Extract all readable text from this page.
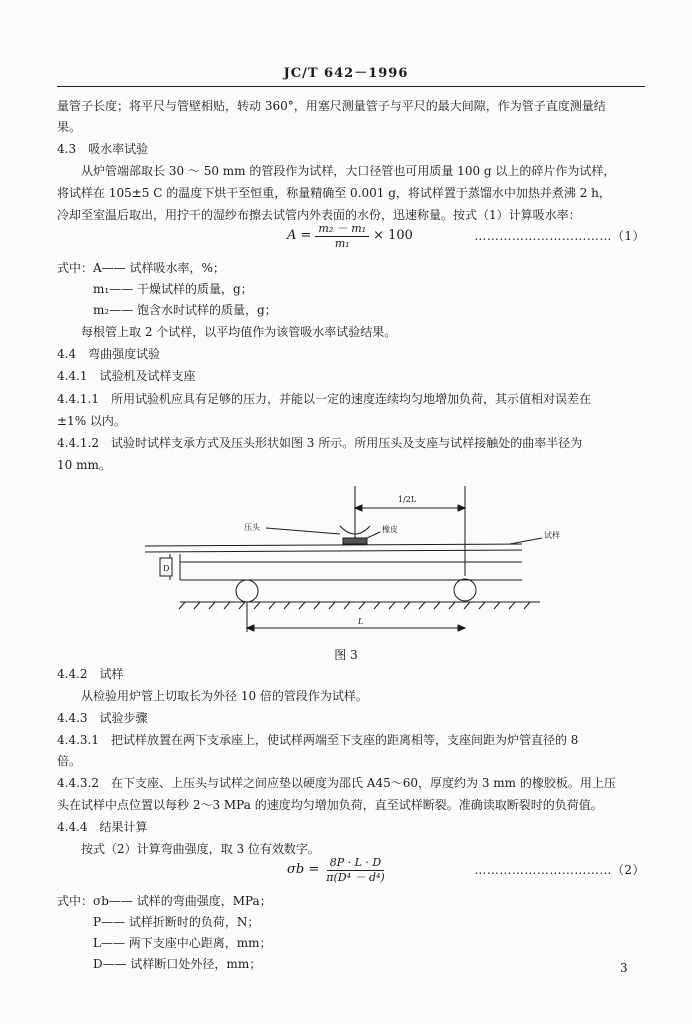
JC/T 642－1996
量管子长度；将平尺与管壁相贴，转动 360°，用塞尺测量管子与平尺的最大间隙，作为管子直度测量结
果。
4.3　吸水率试验
从炉管端部取长 30 ～ 50 mm 的管段作为试样，大口径管也可用质量 100 g 以上的碎片作为试样，
将试样在 105±5 C 的温度下烘干至恒重，称量精确至 0.001 g，将试样置于蒸馏水中加热并煮沸 2 h，
冷却至室温后取出，用拧干的湿纱布擦去试管内外表面的水份，迅速称量。按式（1）计算吸水率：
$A = \frac{\text{m₂ － m₁}}{\text{m₁}} \times 100$	……………………………（1）
式中：A—— 试样吸水率，%；
m₁—— 干燥试样的质量，g；
m₂—— 饱含水时试样的质量，g；
每根管上取 2 个试样，以平均值作为该管吸水率试验结果。
4.4　弯曲强度试验
4.4.1　试验机及试样支座
4.4.1.1　所用试验机应具有足够的压力，并能以一定的速度连续均匀地增加负荷，其示值相对误差在
±1% 以内。
4.4.1.2　试验时试样支承方式及压头形状如图 3 所示。所用压头及支座与试样接触处的曲率半径为
10 mm。
1/2L
压头	橡皮
试样
D
L
图 3
4.4.2　试样
从检验用炉管上切取长为外径 10 倍的管段作为试样。
4.4.3　试验步骤
4.4.3.1　把试样放置在两下支承座上，使试样两端至下支座的距离相等，支座间距为炉管直径的 8
倍。
4.4.3.2　在下支座、上压头与试样之间应垫以硬度为邵氏 A45～60，厚度约为 3 mm 的橡胶板。用上压
头在试样中点位置以每秒 2～3 MPa 的速度均匀增加负荷，直至试样断裂。准确读取断裂时的负荷值。
4.4.4　结果计算
按式（2）计算弯曲强度，取 3 位有效数字。
$\sigma b = \frac{8P \cdot L \cdot D}{\text{π(D⁴ － d⁴)}}$	……………………………（2）
式中：σb—— 试样的弯曲强度，MPa；
P—— 试样折断时的负荷，N；
L—— 两下支座中心距离，mm；
D—— 试样断口处外径，mm；	3
